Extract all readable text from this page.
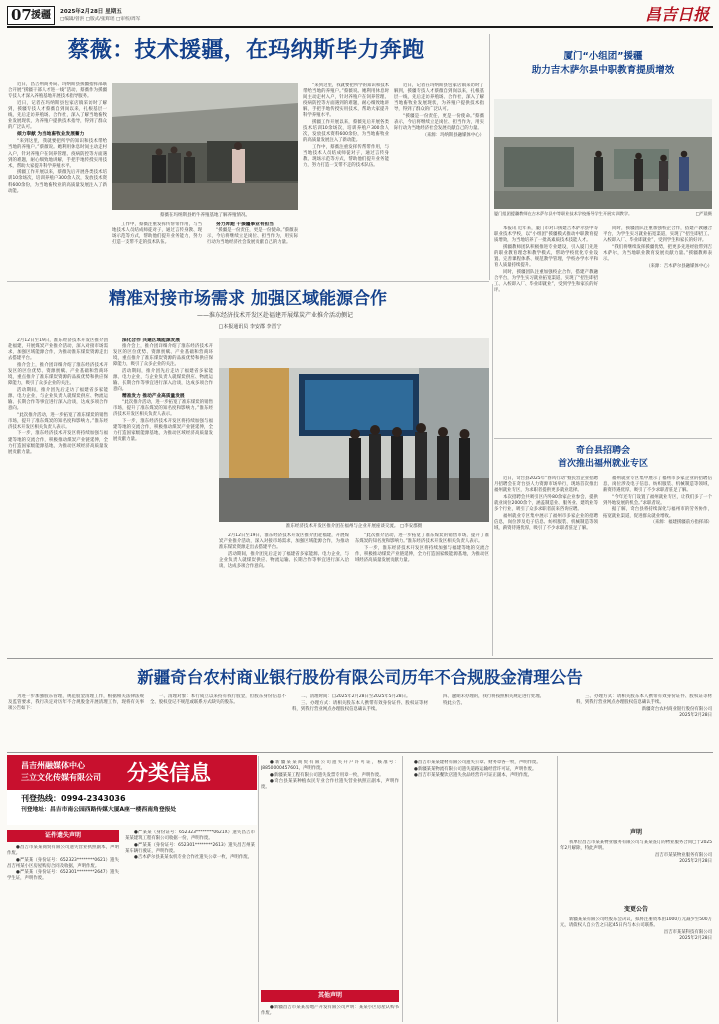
07 援疆 2025年2月28日 星期五
□编辑/曾洪 □版式/张辉瑶 □审校/周军	昌吉日报
蔡薇：技术援疆，在玛纳斯毕力奔跑

近日，昌吉州商务局、玛纳斯县援疆指挥部联合开展“援疆干部人才进一线”活动，蔡薇作为援疆专技人才深入养殖基地开展技术指导服务。

近日，记者在玛纳斯县包家店镇采访时了解到，援疆专技人才蔡薇自到岗以来，扎根基层一线，先后走访养殖场、合作社，深入了解当地畜牧业发展现状，为养殖户提供技术指导，得到了群众的广泛认可。

倾力奉献 为当地畜牧业发展蓄力

“来到这里，我就要把所学的知识和技术带给当地的养殖户。”蔡薇说。她利用休息时间主动走村入户，针对养殖户在饲养管理、疫病防控等方面遇到的难题，耐心细致地讲解，手把手地传授实用技术，帮助大家提升科学养殖水平。

援疆工作开展以来，蔡薇先后开展各类技术培训10余场次，培训养殖户300余人次，发放技术资料600余份，为当地畜牧业的高质量发展注入了新动能。

蔡薇在玛纳斯县奶牛养殖基地了解养殖情况。

工作中，蔡薇注重发挥传帮带作用，与当地技术人员结成师徒对子，通过言传身教、现场示范等方式，帮助他们提升业务能力，努力打造一支带不走的技术队伍。

努力奔跑 干援疆事业有担当

“援疆是一份责任，更是一份使命。”蔡薇表示，今后将继续立足岗位、担当作为，用实际行动为当地经济社会发展贡献自己的力量。

“来到这里，我就要把所学的知识和技术带给当地的养殖户。”蔡薇说。她利用休息时间主动走村入户，针对养殖户在饲养管理、疫病防控等方面遇到的难题，耐心细致地讲解，手把手地传授实用技术，帮助大家提升科学养殖水平。

援疆工作开展以来，蔡薇先后开展各类技术培训10余场次，培训养殖户300余人次，发放技术资料600余份，为当地畜牧业的高质量发展注入了新动能。

工作中，蔡薇注重发挥传帮带作用，与当地技术人员结成师徒对子，通过言传身教、现场示范等方式，帮助他们提升业务能力，努力打造一支带不走的技术队伍。

近日，记者在玛纳斯县包家店镇采访时了解到，援疆专技人才蔡薇自到岗以来，扎根基层一线，先后走访养殖场、合作社，深入了解当地畜牧业发展现状，为养殖户提供技术指导，得到了群众的广泛认可。

“援疆是一份责任，更是一份使命。”蔡薇表示，今后将继续立足岗位、担当作为，用实际行动为当地经济社会发展贡献自己的力量。

（来源：玛纳斯县融媒体中心）
厦门“小组团”援疆
助力吉木萨尔县中职教育提质增效
厦门组团援疆教师在吉木萨尔县中等职业技术学校指导学生开展实训教学。	□严晨摄

本报讯 近年来，厦门市对口援建吉木萨尔县中等职业技术学校，以“小组团”援疆模式推动中职教育提质增效，为当地培养了一批高素质技术技能人才。

援疆教师团队积极推进专业建设，引入厦门先进的职业教育理念和教学模式，帮助学校优化专业设置、完善课程体系、规范教学管理，学校办学水平和育人质量持续提升。

同时，援疆团队注重加强校企合作，搭建产教融合平台，为学生实习就业拓宽渠道，实现了“招生即招工、入校即入厂、毕业即就业”，受到学生和家长的好评。

同时，援疆团队注重加强校企合作，搭建产教融合平台，为学生实习就业拓宽渠道，实现了“招生即招工、入校即入厂、毕业即就业”，受到学生和家长的好评。

“我们将继续发挥援疆优势，把更多先进经验带到吉木萨尔，为当地职业教育发展贡献力量。”援疆教师表示。

（来源：吉木萨尔县融媒体中心）
精准对接市场需求 加强区域能源合作
——淮东经济技术开发区赴福建开展煤炭产业推介活动侧记
□本报通讯员 李安郡 李晋宁

2月12日至19日，淮东经济技术开发区推介团赴福建，开展煤炭产业推介活动，深入对接市场需求，加强区域能源合作，为推动淮东煤炭资源走出去搭建平台。

推介会上，推介团详细介绍了淮东经济技术开发区的区位优势、资源禀赋、产业基础和营商环境，重点推介了准东煤炭资源的品质优势和供应保障能力，吸引了众多企业的关注。

活动期间，推介团先后走访了福建省多家能源、电力企业，与企业负责人就煤炭供应、物流运输、长期合作等事宜进行深入洽谈，达成多项合作意向。

“此次推介活动，进一步拓宽了准东煤炭的销售市场，提升了准东煤炭的知名度和影响力。”淮东经济技术开发区相关负责人表示。

下一步，淮东经济技术开发区将持续加强与福建等地的交流合作，积极推动煤炭产业链延伸，全力打造国家级能源基地，为推动区域经济高质量发展贡献力量。

深化合作 共建区域能源发展

推介会上，推介团详细介绍了淮东经济技术开发区的区位优势、资源禀赋、产业基础和营商环境，重点推介了准东煤炭资源的品质优势和供应保障能力，吸引了众多企业的关注。

活动期间，推介团先后走访了福建省多家能源、电力企业，与企业负责人就煤炭供应、物流运输、长期合作等事宜进行深入洽谈，达成多项合作意向。

精准发力 推动产业高质量发展

“此次推介活动，进一步拓宽了准东煤炭的销售市场，提升了准东煤炭的知名度和影响力。”淮东经济技术开发区相关负责人表示。

下一步，淮东经济技术开发区将持续加强与福建等地的交流合作，积极推动煤炭产业链延伸，全力打造国家级能源基地，为推动区域经济高质量发展贡献力量。

淮东经济技术开发区推介团在福州与企业开展座谈交流。 □李安郡摄

2月12日至19日，淮东经济技术开发区推介团赴福建，开展煤炭产业推介活动，深入对接市场需求，加强区域能源合作，为推动淮东煤炭资源走出去搭建平台。

活动期间，推介团先后走访了福建省多家能源、电力企业，与企业负责人就煤炭供应、物流运输、长期合作等事宜进行深入洽谈，达成多项合作意向。

“此次推介活动，进一步拓宽了准东煤炭的销售市场，提升了准东煤炭的知名度和影响力。”淮东经济技术开发区相关负责人表示。

下一步，淮东经济技术开发区将持续加强与福建等地的交流合作，积极推动煤炭产业链延伸，全力打造国家级能源基地，为推动区域经济高质量发展贡献力量。

奇台县招聘会
首次推出福州就业专区

近日，奇台县2025年“春风行动”暨民营企业招聘月招聘会在奇台县人力资源市场举行，现场首次推出福州就业专区，为求职者提供更多就业选择。

本次招聘会共吸引区内外80余家企业参会，提供就业岗位2000余个，涵盖制造业、服务业、建筑业等多个行业，吸引了众多求职者前来咨询应聘。

福州就业专区集中展示了福州市多家企业的招聘信息，岗位涉及电子信息、纺织服装、机械制造等领域，薪资待遇优厚，吸引了不少求职者驻足了解。

福州就业专区集中展示了福州市多家企业的招聘信息，岗位涉及电子信息、纺织服装、机械制造等领域，薪资待遇优厚，吸引了不少求职者驻足了解。

“今年还专门设置了福州就业专区，让我们多了一个到外地发展的机会。”求职者说。

据了解，奇台县将持续深化与福州市的劳务协作，拓宽就业渠道，促进群众就业增收。

（来源：福建援疆前方指挥部）
新疆奇台农村商业银行股份有限公司历年不合规股金清理公告

为进一步加强股东管理，规范股金清理工作，根据相关法律法规及监管要求，我行决定对历年不合规股金开展清理工作，现将有关事项公告如下：

一、清理对象：本行成立以来持有我行股金，但股东身份信息不全、股权登记不规范或联系方式缺失的股东。

二、清理时间：自2025年2月28日至2025年5月28日。

三、办理方式：请相关股东本人携带有效身份证件、股权证等材料，到我行营业网点办理股权信息确认手续。

四、逾期未办理的，我行将按照相关规定进行处理。

特此公告。

三、办理方式：请相关股东本人携带有效身份证件、股权证等材料，到我行营业网点办理股权信息确认手续。

新疆奇台农村商业银行股份有限公司
2025年2月28日
昌吉州融媒体中心
三立文化传媒有限公司 分类信息
刊登热线：0994-2343036
刊登地址：昌吉市南公园西路传媒大厦A座一楼西南角登报处
证件遗失声明

●昌吉市某某商贸有限公司遗失营业执照副本，声明作废。

●严某某（身份证号：652323********0621）遗失昌吉州某小区房屋购房合同及收据，声明作废。

●严某某（身份证号：652301********2647）遗失学生证，声明作废。

●严某某（身份证号：652323********0621X）遗失昌吉市某某建筑工程有限公司收据一份，声明作废。

●严某某（身份证号：652301********2613）遗失昌吉州某某车辆行驶证，声明作废。

●吉木萨尔县某某农机专业合作社遗失公章一枚，声明作废。

●新疆某某商贸有限公司遗失开户许可证，核准号：J8850000457601，声明作废。

●新疆某某工程有限公司遗失发票专用章一枚，声明作废。

●奇台县某某种植农民专业合作社遗失营业执照正副本，声明作废。

其他声明

●新疆昌吉市某某房地产开发有限公司声明：某某小区房屋认购书作废。

●昌吉市某某建材有限公司遗失公章、财务章各一枚，声明作废。

●新疆某某物流有限公司遗失道路运输经营许可证，声明作废。

●昌吉市某某餐饮店遗失食品经营许可证正副本，声明作废。

声明

我单位昌吉市某某物业服务有限公司与某某签订的物业服务合同已于2025年2月解除，特此声明。

昌吉市某某物业服务有限公司
2025年2月28日
变更公告

新疆某某有限公司经股东会决议，拟将注册资本由1000万元减少至500万元，请债权人自公告之日起45日内与本公司联系。

昌吉市某某科技有限公司
2025年2月28日
